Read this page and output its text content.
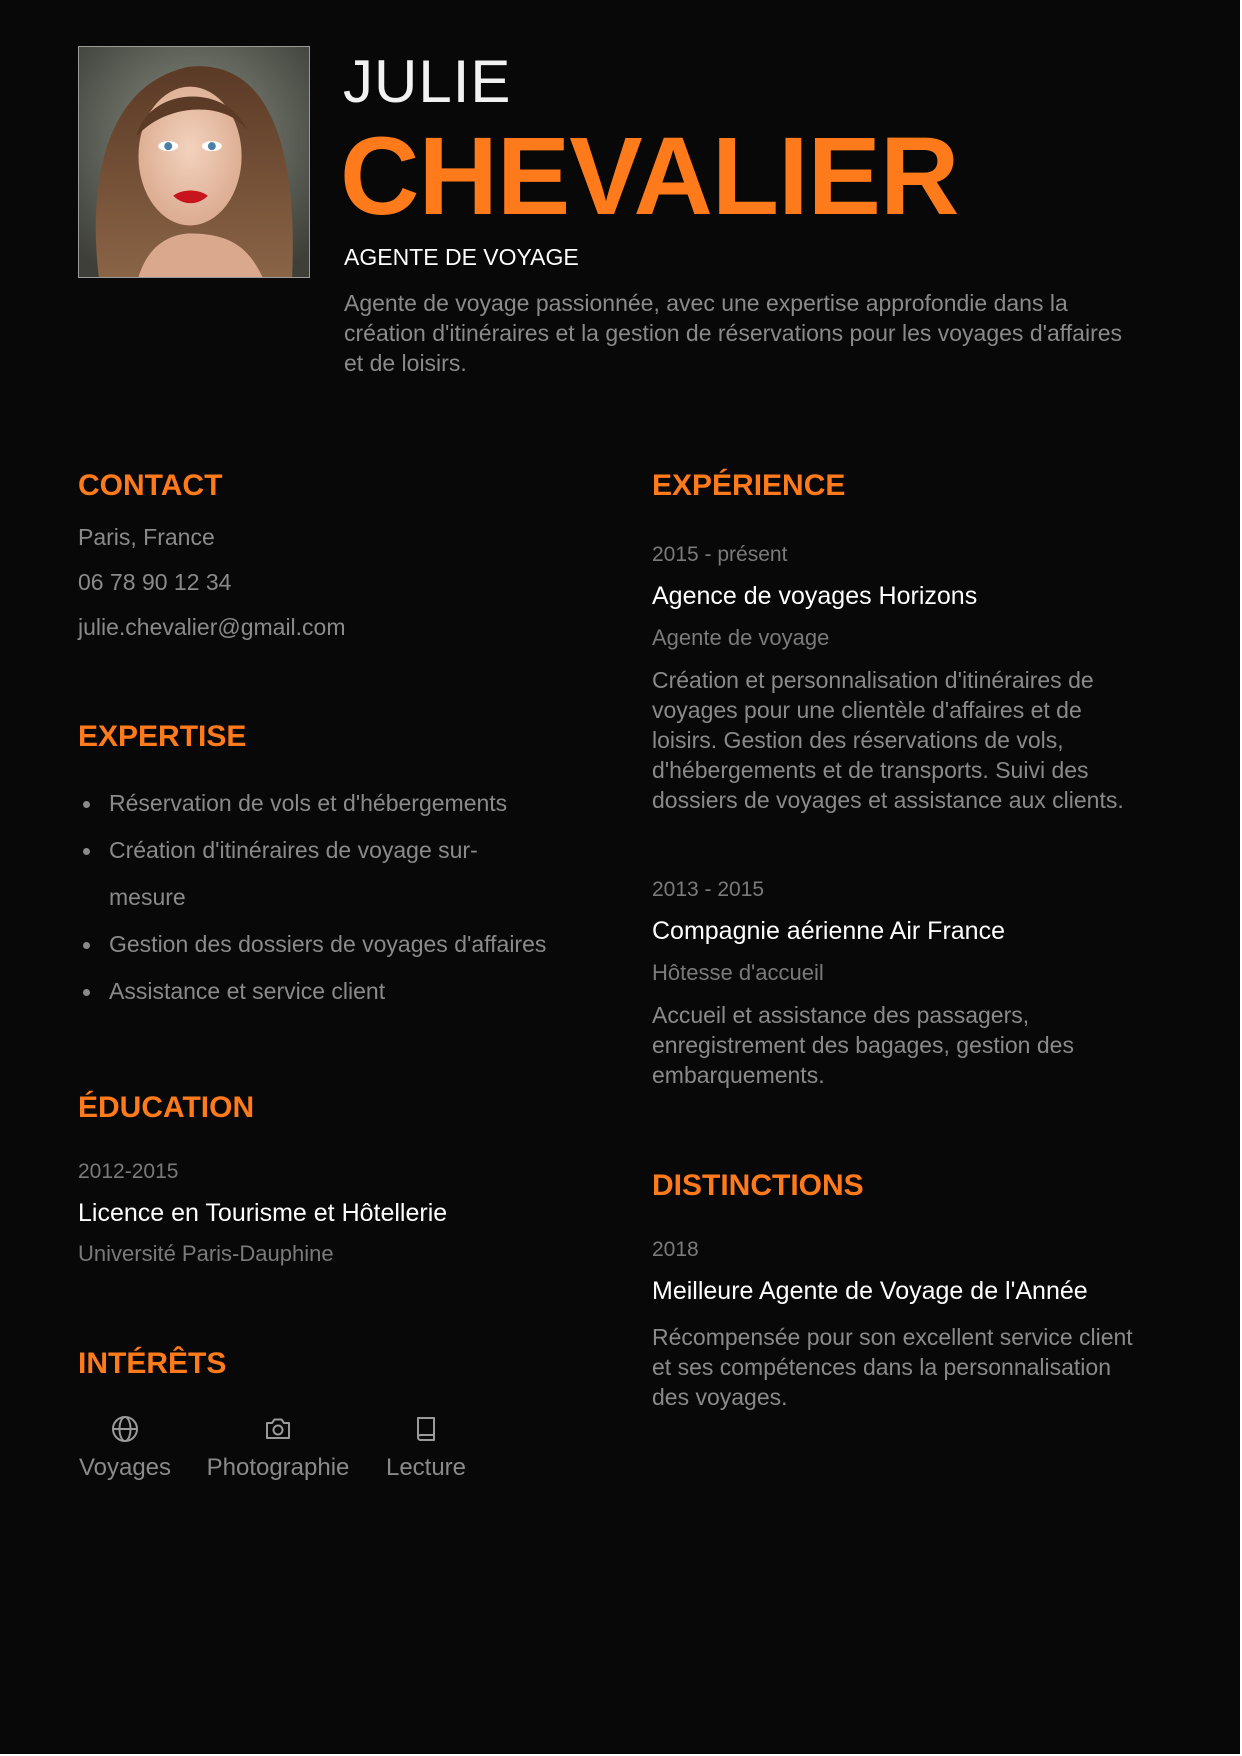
JULIE
CHEVALIER
AGENTE DE VOYAGE
Agente de voyage passionnée, avec une expertise approfondie dans la création d'itinéraires et la gestion de réservations pour les voyages d'affaires et de loisirs.
CONTACT
Paris, France
06 78 90 12 34
julie.chevalier@gmail.com
EXPERTISE
Réservation de vols et d'hébergements
Création d'itinéraires de voyage sur-mesure
Gestion des dossiers de voyages d'affaires
Assistance et service client
ÉDUCATION
2012-2015
Licence en Tourisme et Hôtellerie
Université Paris-Dauphine
INTÉRÊTS
Voyages Photographie Lecture
EXPÉRIENCE
2015 - présent
Agence de voyages Horizons
Agente de voyage
Création et personnalisation d'itinéraires de voyages pour une clientèle d'affaires et de loisirs. Gestion des réservations de vols, d'hébergements et de transports. Suivi des dossiers de voyages et assistance aux clients.
2013 - 2015
Compagnie aérienne Air France
Hôtesse d'accueil
Accueil et assistance des passagers, enregistrement des bagages, gestion des embarquements.
DISTINCTIONS
2018
Meilleure Agente de Voyage de l'Année
Récompensée pour son excellent service client et ses compétences dans la personnalisation des voyages.
